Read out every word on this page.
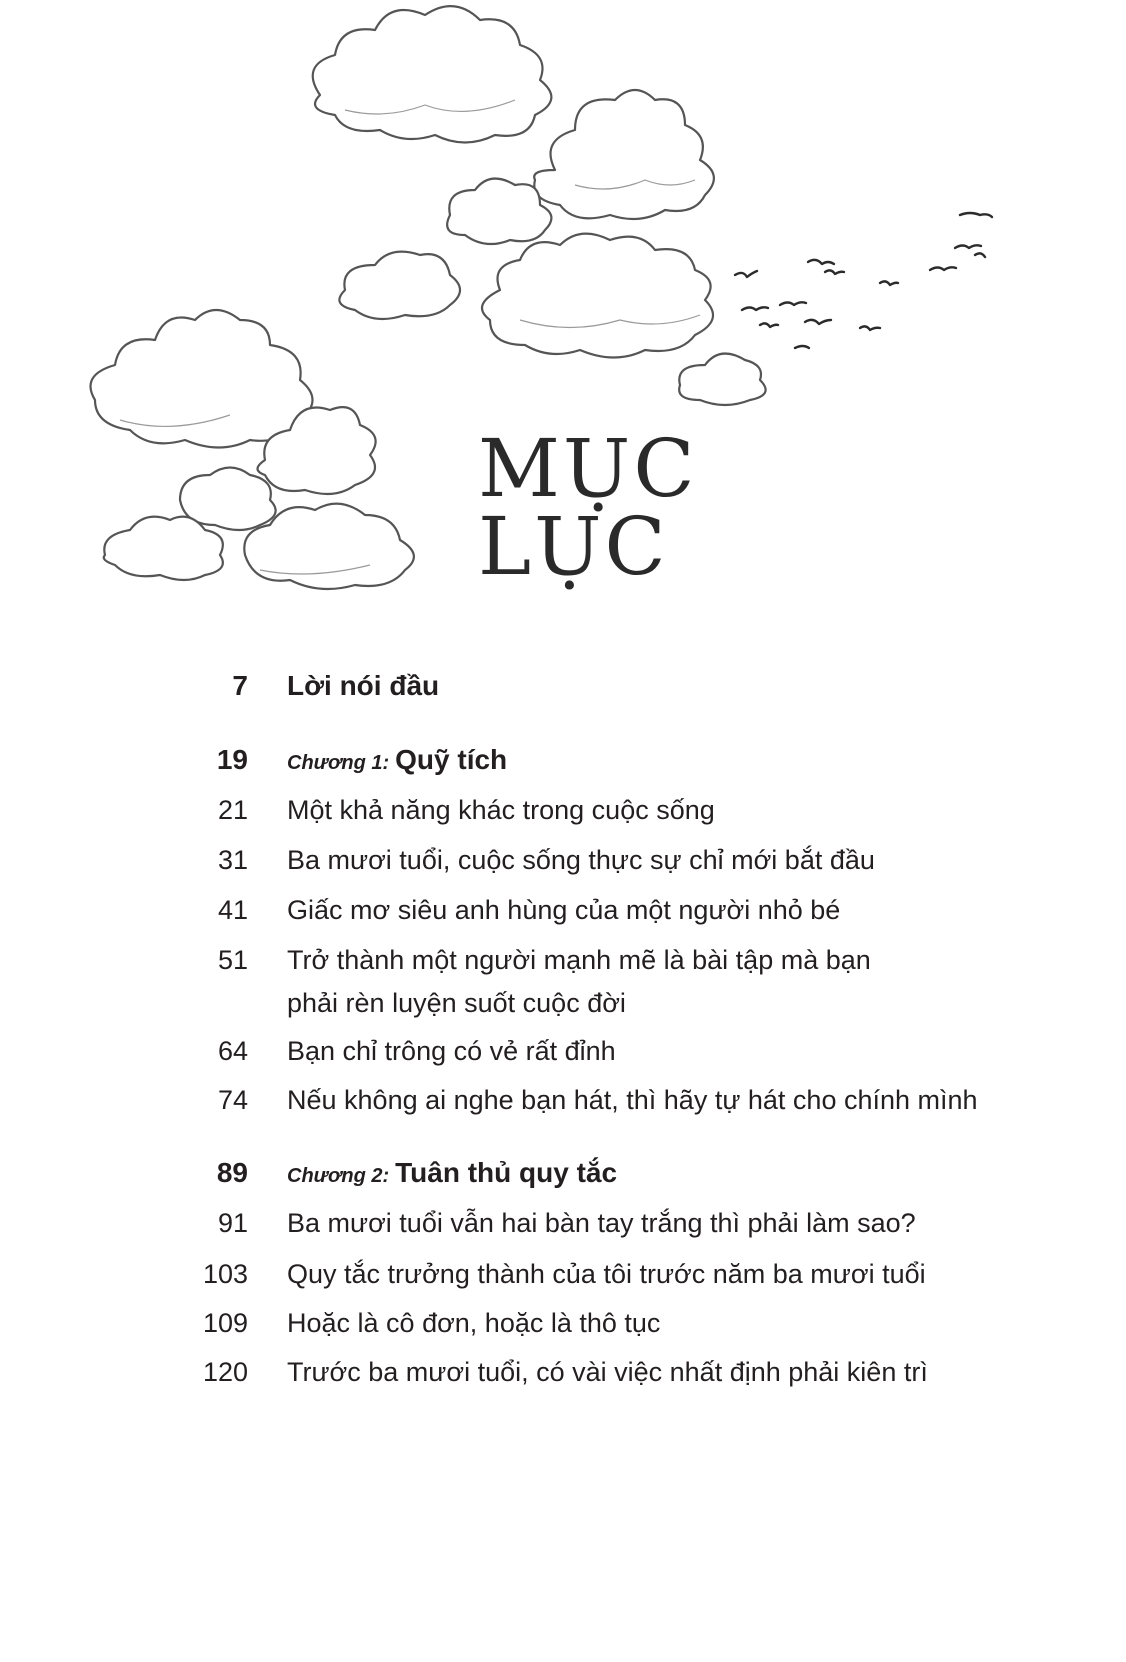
MỤC
LỤC
7 Lời nói đầu
19 Chương 1: Quỹ tích
21 Một khả năng khác trong cuộc sống
31 Ba mươi tuổi, cuộc sống thực sự chỉ mới bắt đầu
41 Giấc mơ siêu anh hùng của một người nhỏ bé
51 Trở thành một người mạnh mẽ là bài tập mà bạn
phải rèn luyện suốt cuộc đời
64 Bạn chỉ trông có vẻ rất đỉnh
74 Nếu không ai nghe bạn hát, thì hãy tự hát cho chính mình
89 Chương 2: Tuân thủ quy tắc
91 Ba mươi tuổi vẫn hai bàn tay trắng thì phải làm sao?
103 Quy tắc trưởng thành của tôi trước năm ba mươi tuổi
109 Hoặc là cô đơn, hoặc là thô tục
120 Trước ba mươi tuổi, có vài việc nhất định phải kiên trì
